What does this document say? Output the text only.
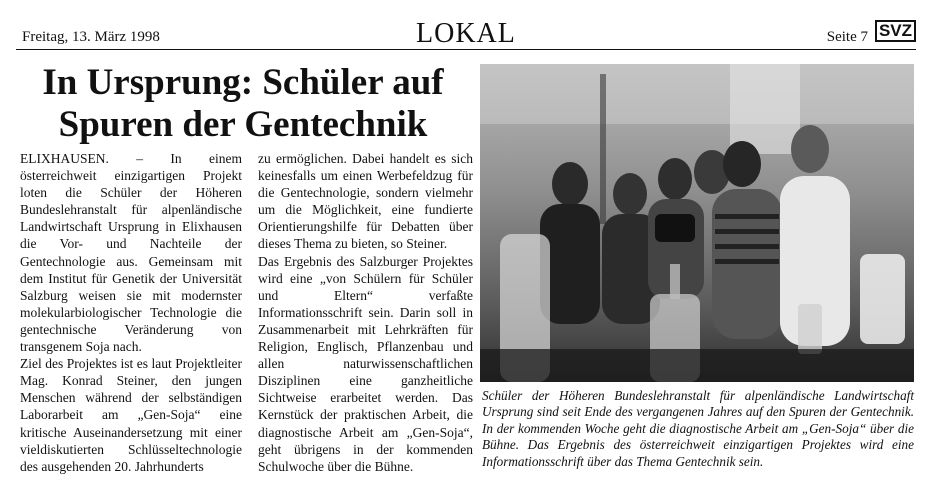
Freitag, 13. März 1998	LOKAL	Seite 7 SVZ
In Ursprung: Schüler auf
Spuren der Gentechnik

ELIXHAUSEN. – In einem österreichweit einzigartigen Projekt loten die Schüler der Höheren Bundeslehranstalt für alpenländische Landwirtschaft Ursprung in Elixhausen die Vor- und Nachteile der Gentechnologie aus. Gemeinsam mit dem Institut für Genetik der Universität Salzburg weisen sie mit modernster molekularbiologischer Technologie die gentechnische Veränderung von transgenem Soja nach.
Ziel des Projektes ist es laut Projektleiter Mag. Konrad Steiner, den jungen Menschen während der selbständigen Laborarbeit am „Gen-Soja“ eine kritische Auseinandersetzung mit einer vieldiskutierten Schlüsseltechnologie des ausgehenden 20. Jahrhunderts

zu ermöglichen. Dabei handelt es sich keinesfalls um einen Werbefeldzug für die Gentechnologie, sondern vielmehr um die Möglichkeit, eine fundierte Orientierungshilfe für Debatten über dieses Thema zu bieten, so Steiner.
Das Ergebnis des Salzburger Projektes wird eine „von Schülern für Schüler und Eltern“ verfaßte Informationsschrift sein. Darin soll in Zusammenarbeit mit Lehrkräften für Religion, Englisch, Pflanzenbau und allen naturwissenschaftlichen Disziplinen eine ganzheitliche Sichtweise erarbeitet werden. Das Kernstück der praktischen Arbeit, die diagnostische Arbeit am „Gen-Soja“, geht übrigens in der kommenden Schulwoche über die Bühne.

Schüler der Höheren Bundeslehranstalt für alpenländische Landwirtschaft Ursprung sind seit Ende des vergangenen Jahres auf den Spuren der Gentechnik. In der kommenden Woche geht die diagnostische Arbeit am „Gen-Soja“ über die Bühne. Das Ergebnis des österreichweit einzigartigen Projektes wird eine Informationsschrift über das Thema Gentechnik sein.
